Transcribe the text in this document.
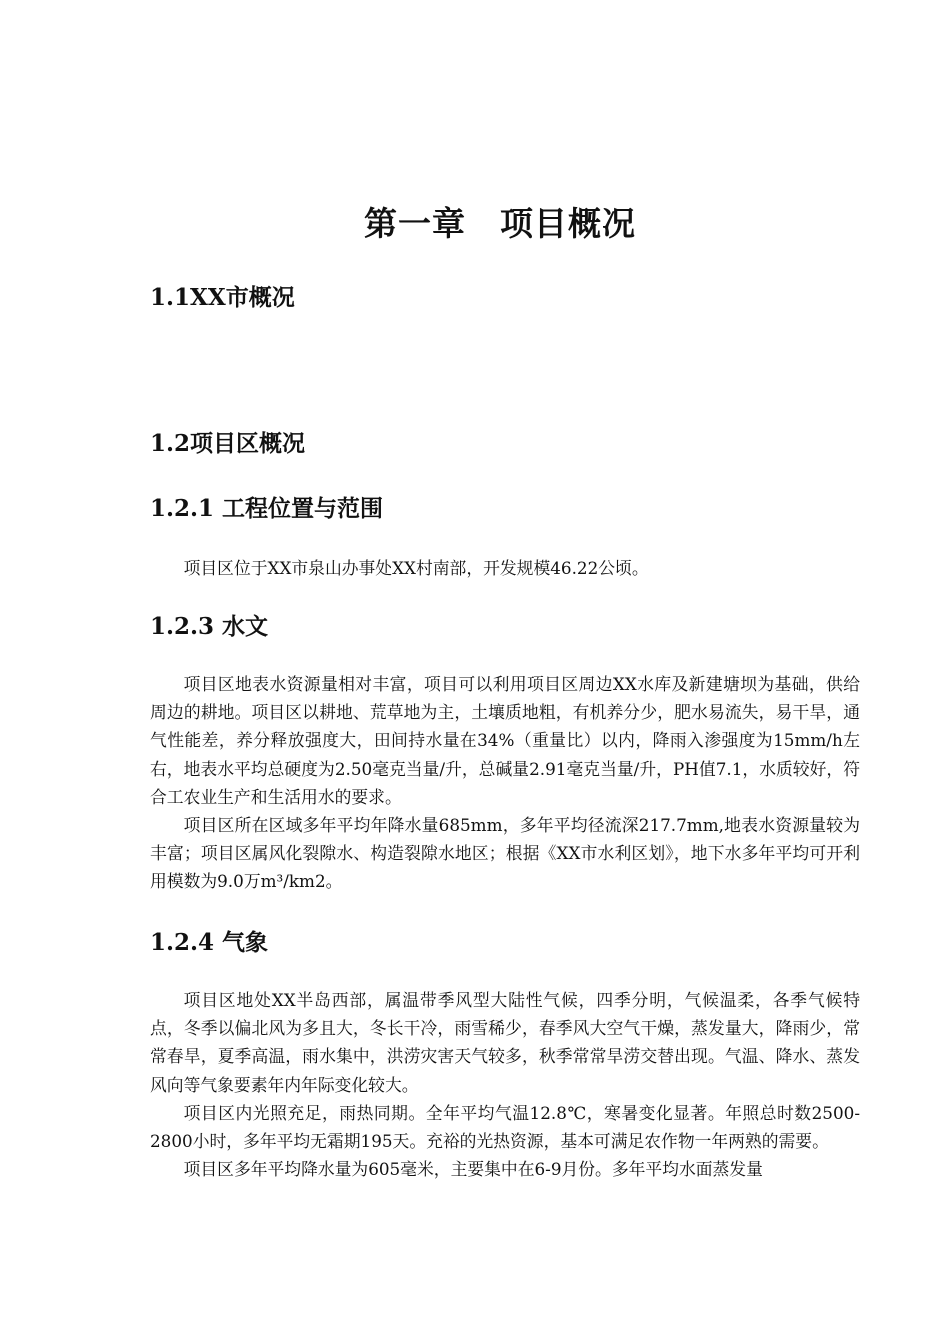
第一章　项目概况
1.1XX市概况
1.2项目区概况
1.2.1 工程位置与范围

项目区位于XX市泉山办事处XX村南部，开发规模46.22公顷。

1.2.3 水文

项目区地表水资源量相对丰富，项目可以利用项目区周边XX水库及新建塘坝为基础，供给周边的耕地。项目区以耕地、荒草地为主，土壤质地粗，有机养分少，肥水易流失，易干旱，通气性能差，养分释放强度大，田间持水量在34%（重量比）以内，降雨入渗强度为15mm/h左右，地表水平均总硬度为2.50毫克当量/升，总碱量2.91毫克当量/升，PH值7.1，水质较好，符合工农业生产和生活用水的要求。

项目区所在区域多年平均年降水量685mm，多年平均径流深217.7mm,地表水资源量较为丰富；项目区属风化裂隙水、构造裂隙水地区；根据《XX市水利区划》，地下水多年平均可开利用模数为9.0万m³/km2。

1.2.4 气象

项目区地处XX半岛西部，属温带季风型大陆性气候，四季分明，气候温柔，各季气候特点，冬季以偏北风为多且大，冬长干冷，雨雪稀少，春季风大空气干燥，蒸发量大，降雨少，常常春旱，夏季高温，雨水集中，洪涝灾害天气较多，秋季常常旱涝交替出现。气温、降水、蒸发风向等气象要素年内年际变化较大。

项目区内光照充足，雨热同期。全年平均气温12.8℃，寒暑变化显著。年照总时数2500-2800小时，多年平均无霜期195天。充裕的光热资源，基本可满足农作物一年两熟的需要。

项目区多年平均降水量为605毫米，主要集中在6-9月份。多年平均水面蒸发量
